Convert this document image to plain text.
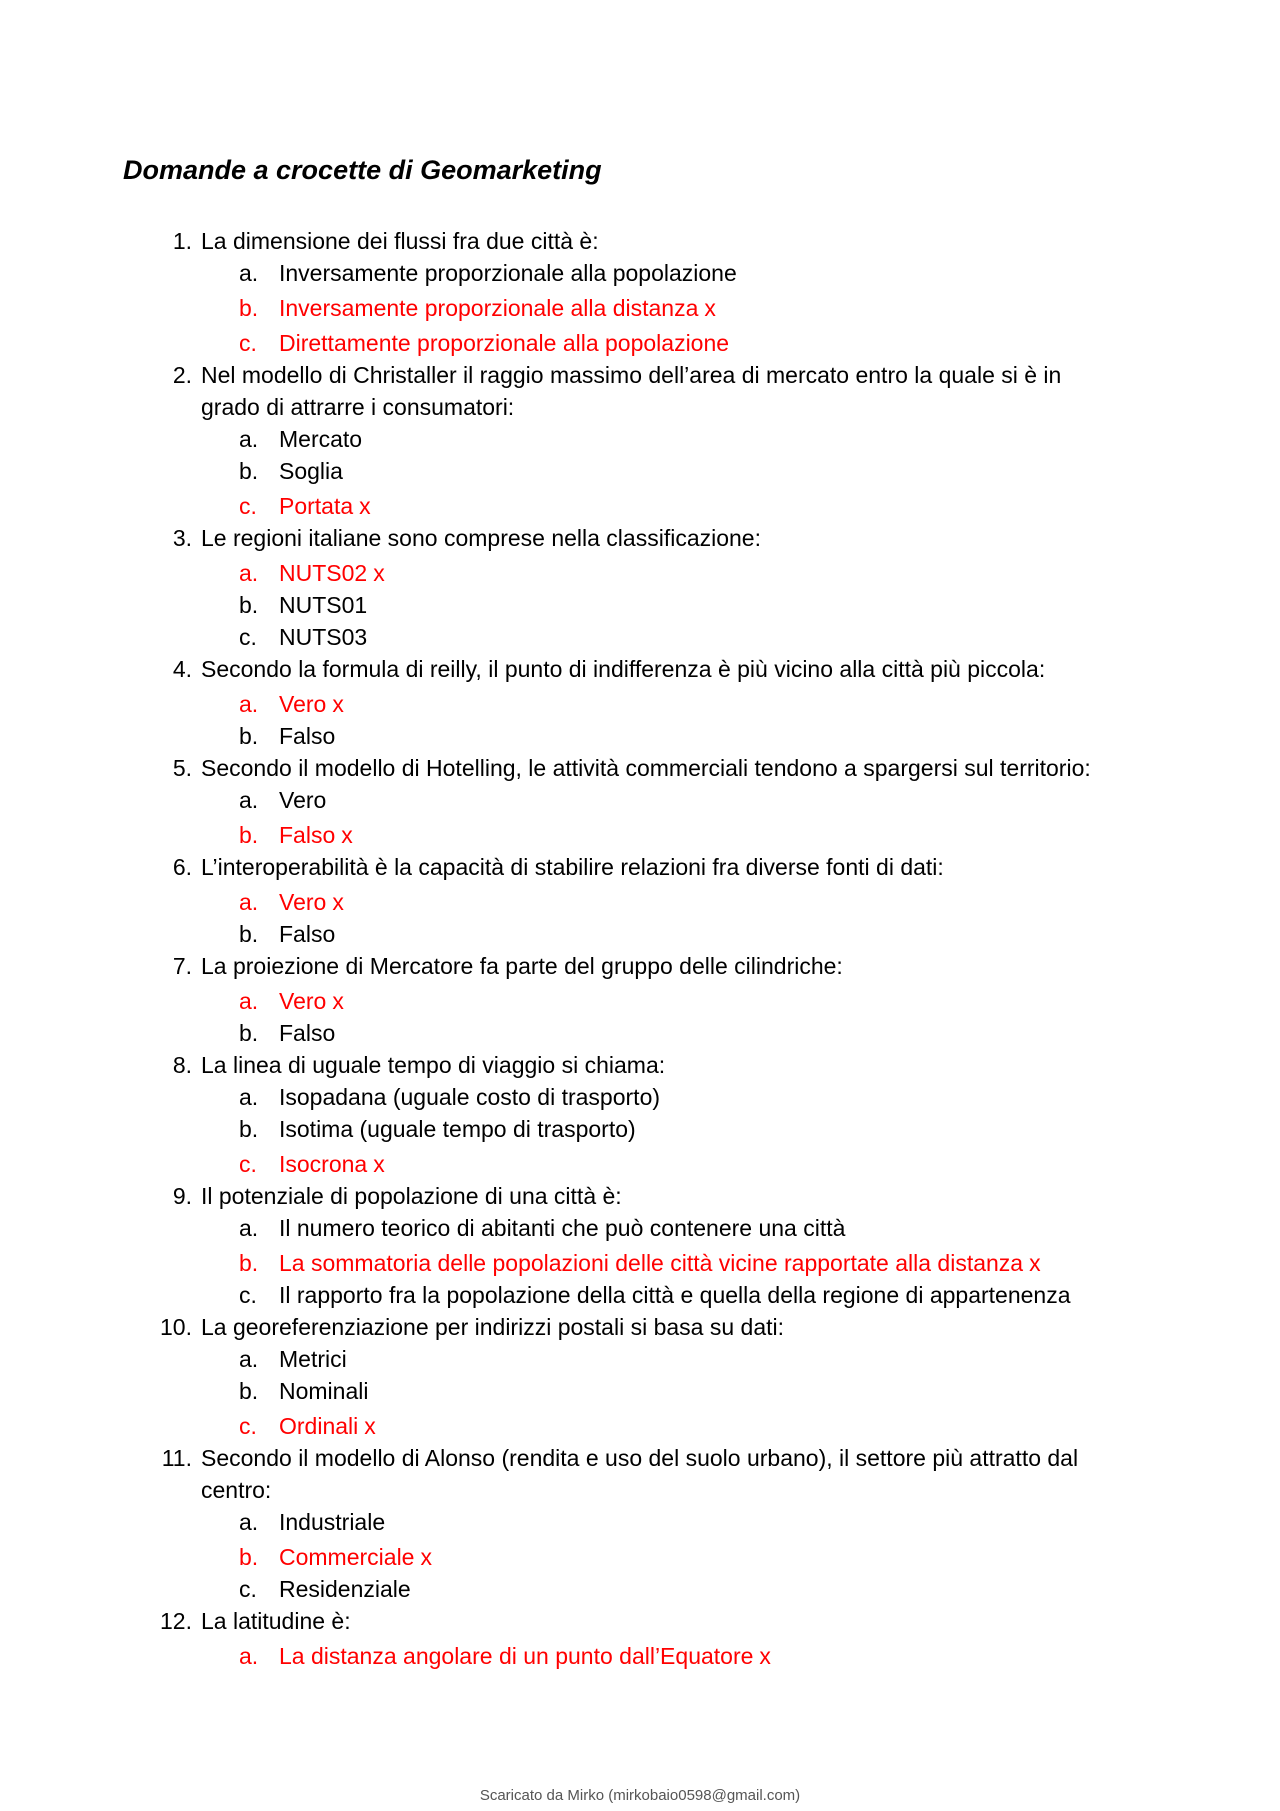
Domande a crocette di Geomarketing
1. La dimensione dei flussi fra due città è:
a. Inversamente proporzionale alla popolazione
b. Inversamente proporzionale alla distanza x
c. Direttamente proporzionale alla popolazione
2. Nel modello di Christaller il raggio massimo dell’area di mercato entro la quale si è in grado di attrarre i consumatori:
a. Mercato
b. Soglia
c. Portata x
3. Le regioni italiane sono comprese nella classificazione:
a. NUTS02 x
b. NUTS01
c. NUTS03
4. Secondo la formula di reilly, il punto di indifferenza è più vicino alla città più piccola:
a. Vero x
b. Falso
5. Secondo il modello di Hotelling, le attività commerciali tendono a spargersi sul territorio:
a. Vero
b. Falso x
6. L’interoperabilità è la capacità di stabilire relazioni fra diverse fonti di dati:
a. Vero x
b. Falso
7. La proiezione di Mercatore fa parte del gruppo delle cilindriche:
a. Vero x
b. Falso
8. La linea di uguale tempo di viaggio si chiama:
a. Isopadana (uguale costo di trasporto)
b. Isotima (uguale tempo di trasporto)
c. Isocrona x
9. Il potenziale di popolazione di una città è:
a. Il numero teorico di abitanti che può contenere una città
b. La sommatoria delle popolazioni delle città vicine rapportate alla distanza x
c. Il rapporto fra la popolazione della città e quella della regione di appartenenza
10. La georeferenziazione per indirizzi postali si basa su dati:
a. Metrici
b. Nominali
c. Ordinali x
11. Secondo il modello di Alonso (rendita e uso del suolo urbano), il settore più attratto dal centro:
a. Industriale
b. Commerciale x
c. Residenziale
12. La latitudine è:
a. La distanza angolare di un punto dall’Equatore x
Scaricato da Mirko (mirkobaio0598@gmail.com)
